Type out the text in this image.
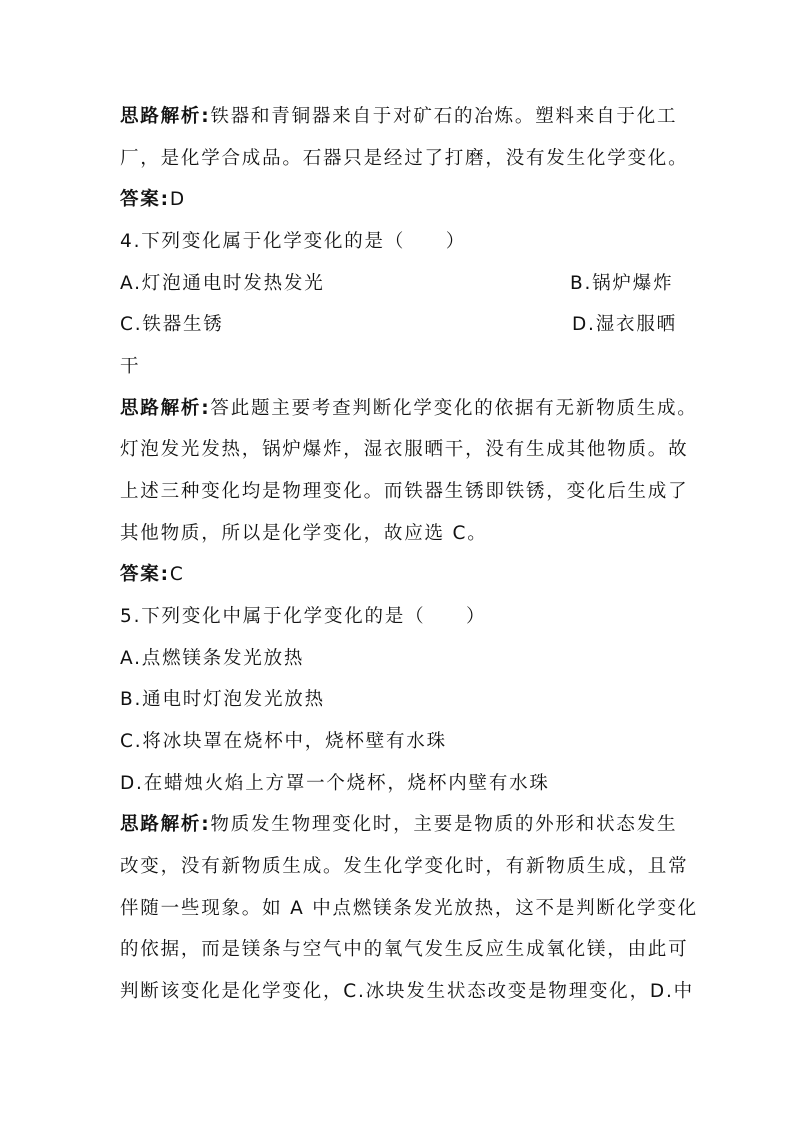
思路解析:铁器和青铜器来自于对矿石的冶炼。塑料来自于化工
厂，是化学合成品。石器只是经过了打磨，没有发生化学变化。
答案:D
4.下列变化属于化学变化的是（　　）
A.灯泡通电时发热发光	B.锅炉爆炸
C.铁器生锈	D.湿衣服晒
干
思路解析:答此题主要考查判断化学变化的依据有无新物质生成。
灯泡发光发热，锅炉爆炸，湿衣服晒干，没有生成其他物质。故
上述三种变化均是物理变化。而铁器生锈即铁锈，变化后生成了
其他物质，所以是化学变化，故应选 C。
答案:C
5.下列变化中属于化学变化的是（　　）
A.点燃镁条发光放热
B.通电时灯泡发光放热
C.将冰块罩在烧杯中，烧杯壁有水珠
D.在蜡烛火焰上方罩一个烧杯，烧杯内壁有水珠
思路解析:物质发生物理变化时，主要是物质的外形和状态发生
改变，没有新物质生成。发生化学变化时，有新物质生成，且常
伴随一些现象。如 A 中点燃镁条发光放热，这不是判断化学变化
的依据，而是镁条与空气中的氧气发生反应生成氧化镁，由此可
判断该变化是化学变化，C.冰块发生状态改变是物理变化，D.中
